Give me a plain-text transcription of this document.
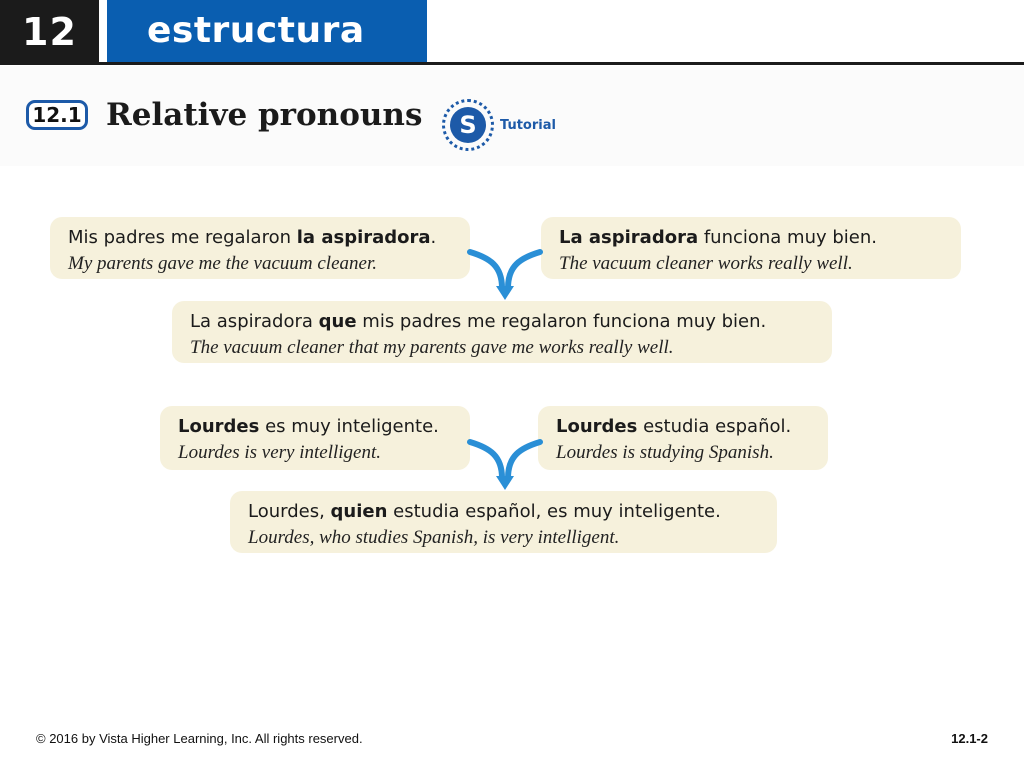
12	estructura
12.1 Relative pronouns	S	Tutorial
Mis padres me regalaron la aspiradora.
My parents gave me the vacuum cleaner.
La aspiradora funciona muy bien.
The vacuum cleaner works really well.
La aspiradora que mis padres me regalaron funciona muy bien.
The vacuum cleaner that my parents gave me works really well.
Lourdes es muy inteligente.
Lourdes is very intelligent.
Lourdes estudia español.
Lourdes is studying Spanish.
Lourdes, quien estudia español, es muy inteligente.
Lourdes, who studies Spanish, is very intelligent.
© 2016 by Vista Higher Learning, Inc. All rights reserved.	12.1-2
